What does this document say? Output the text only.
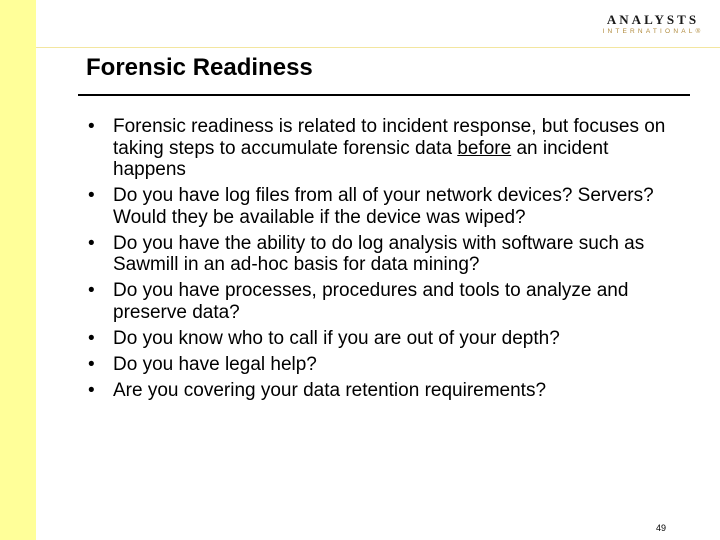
ANALYSTS
INTERNATIONAL®
Forensic Readiness
• Forensic readiness is related to incident response, but focuses on taking steps to accumulate forensic data before an incident happens
• Do you have log files from all of your network devices? Servers? Would they be available if the device was wiped?
• Do you have the ability to do log analysis with software such as Sawmill in an ad-hoc basis for data mining?
• Do you have processes, procedures and tools to analyze and preserve data?
• Do you know who to call if you are out of your depth?
• Do you have legal help?
• Are you covering your data retention requirements?
49
